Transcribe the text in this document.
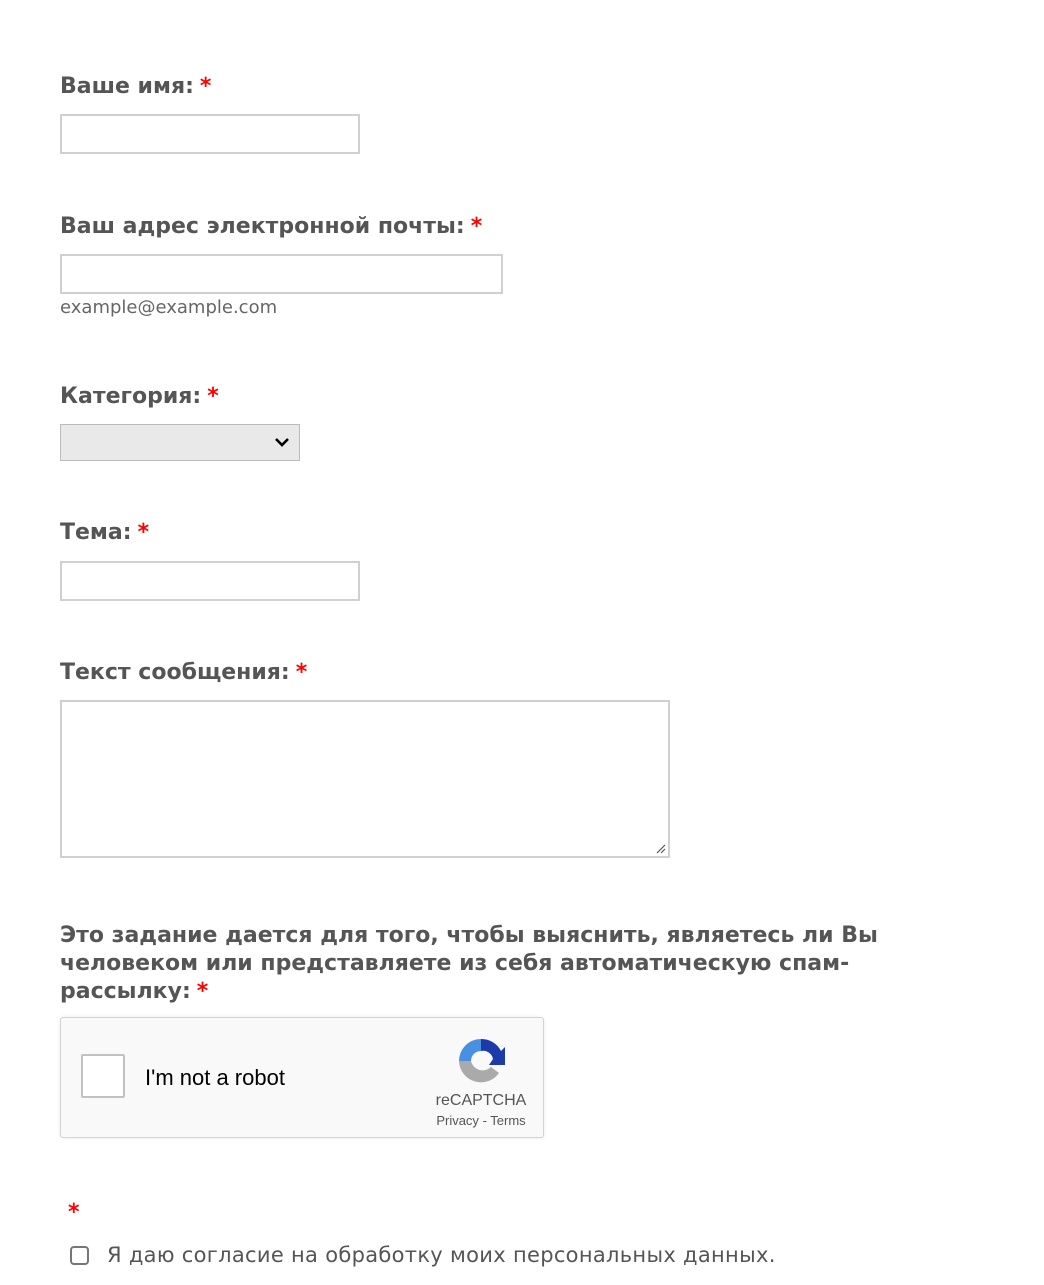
Ваше имя: *
Ваш адрес электронной почты: *
example@example.com
Категория: *
Тема: *
Текст сообщения: *
Это задание дается для того, чтобы выяснить, являетесь ли Вы человеком или представляете из себя автоматическую спам-рассылку: *
I'm not a robot
reCAPTCHA
Privacy - Terms
*
Я даю согласие на обработку моих персональных данных.
